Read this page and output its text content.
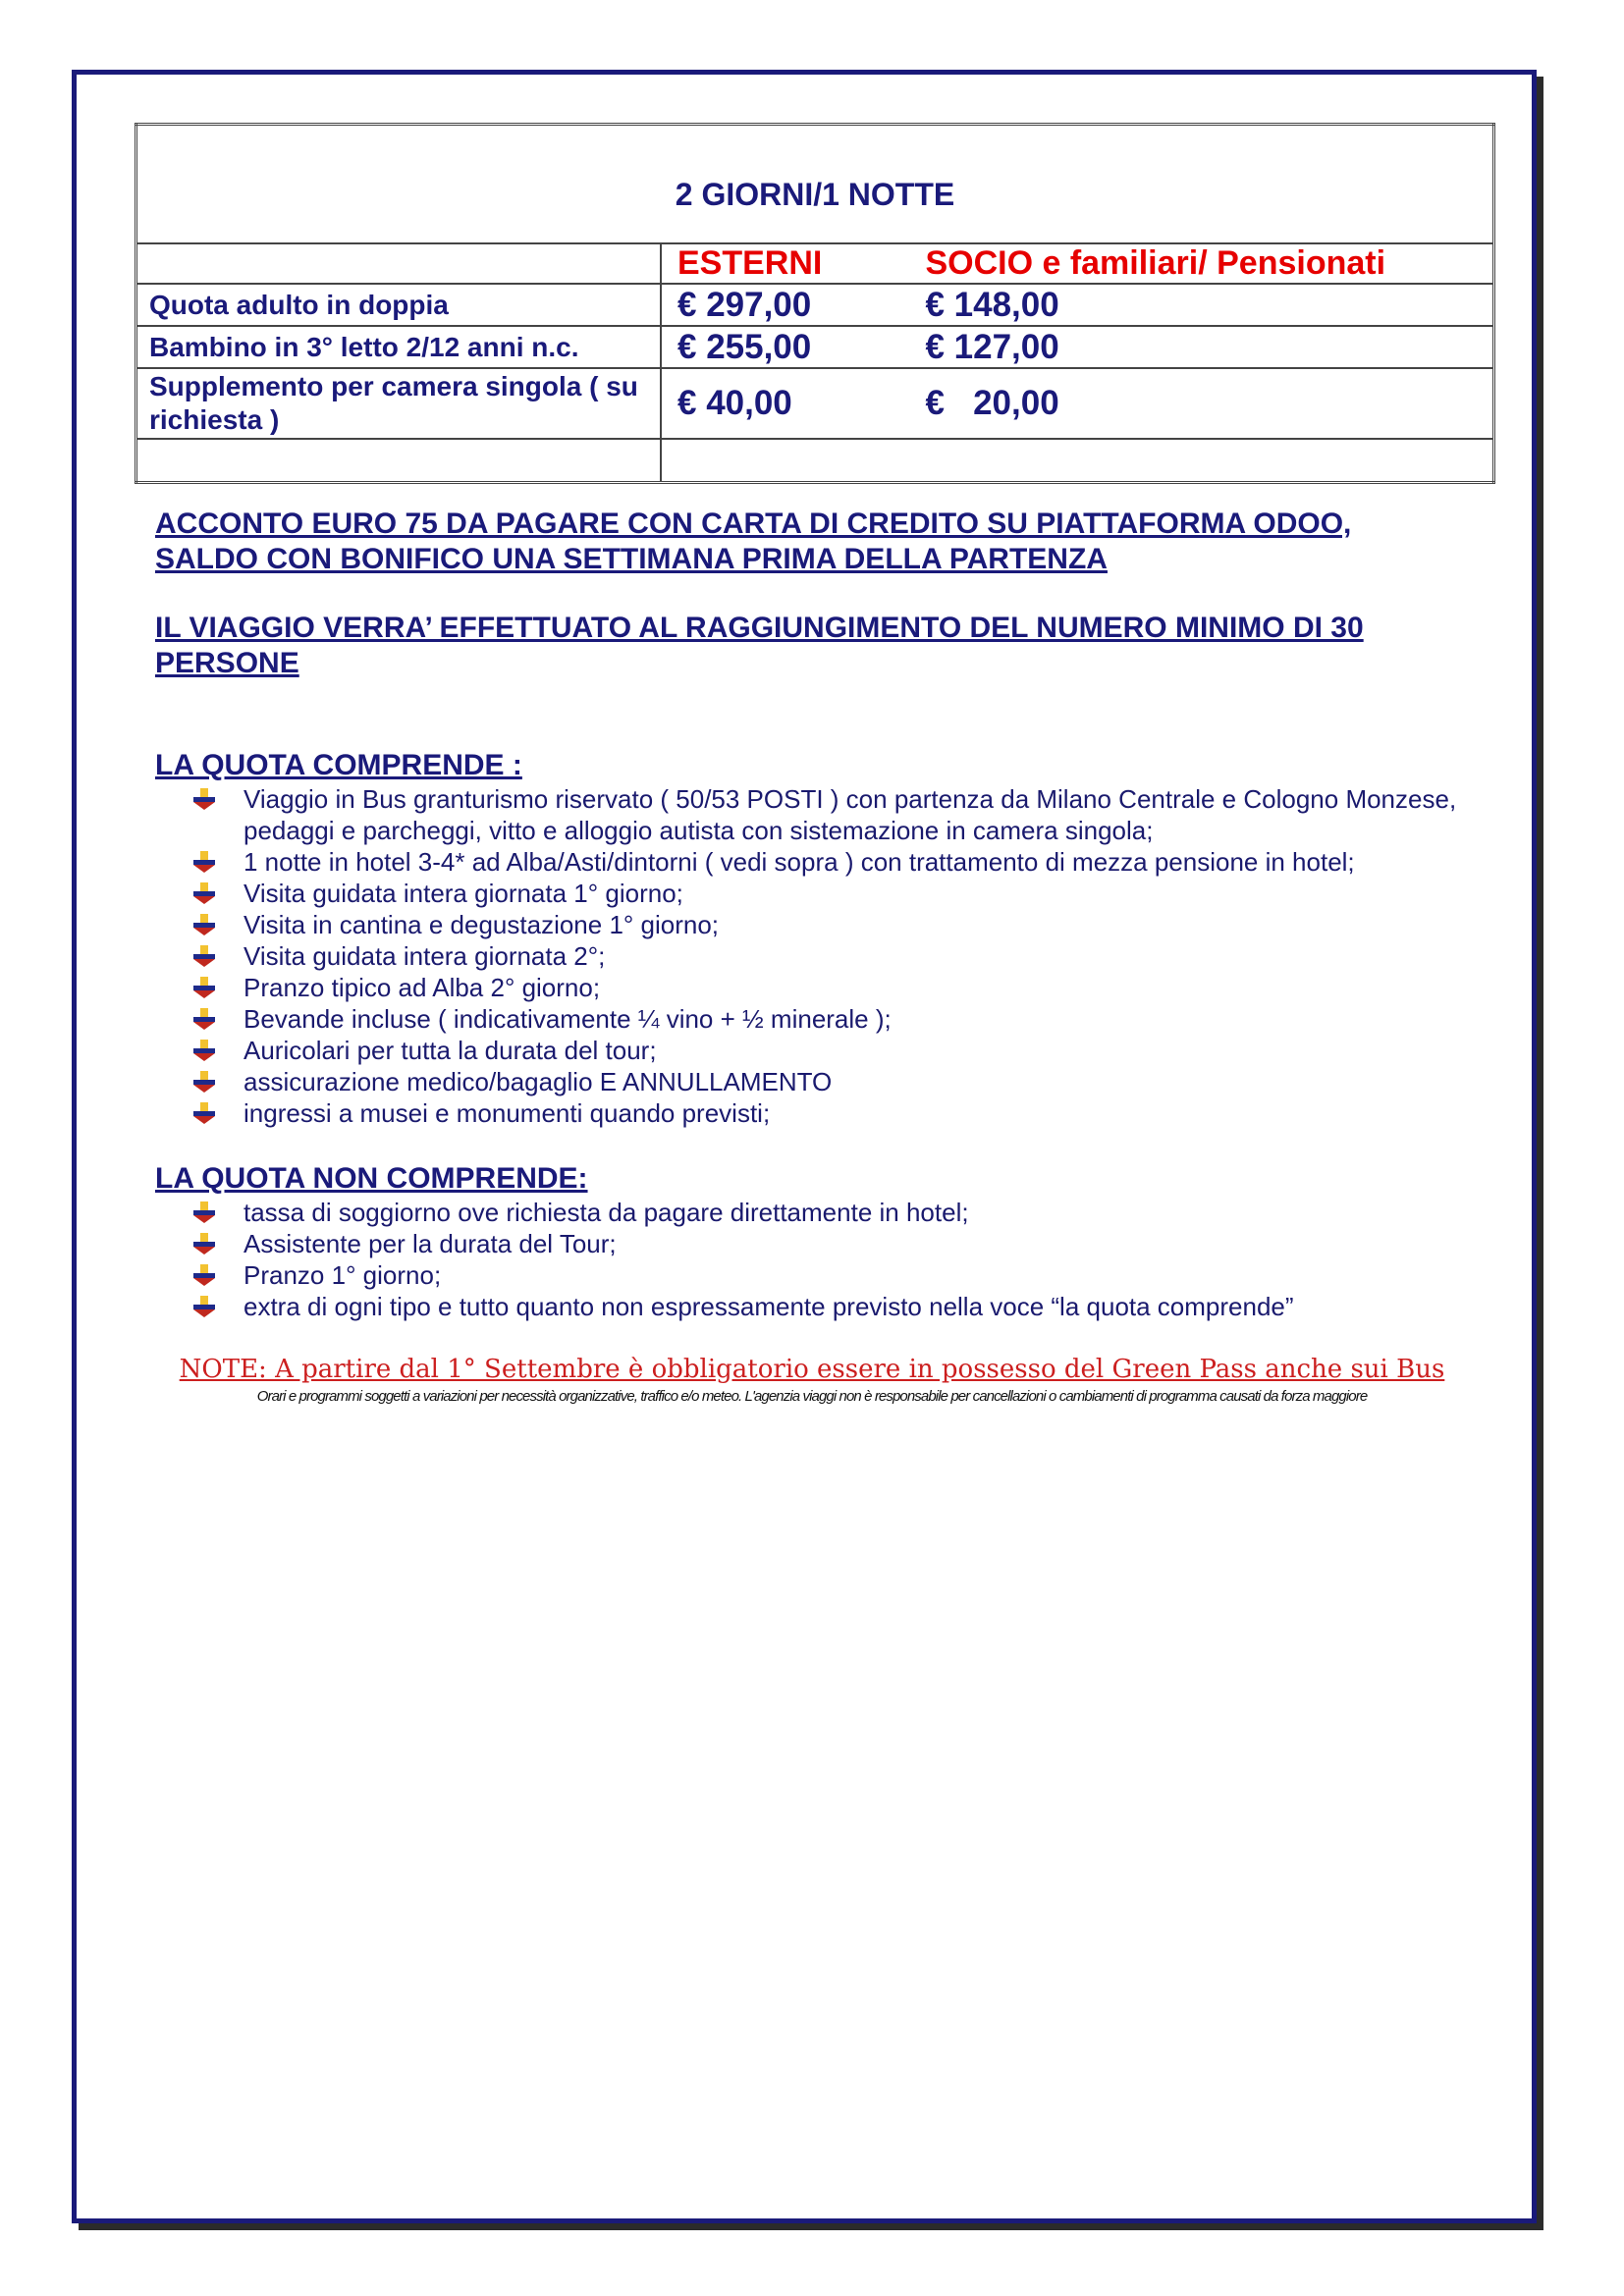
2 GIORNI/1 NOTTE	
	ESTERNI SOCIO e familiari/ Pensionati
Quota adulto in doppia	€ 297,00 € 148,00
Bambino in 3° letto 2/12 anni n.c.	€ 255,00 € 127,00
Supplemento per camera singola ( su richiesta )	€ 40,00 €   20,00

ACCONTO EURO 75 DA PAGARE CON CARTA DI CREDITO SU PIATTAFORMA ODOO, SALDO CON BONIFICO UNA SETTIMANA PRIMA DELLA PARTENZA

IL VIAGGIO VERRA’ EFFETTUATO AL RAGGIUNGIMENTO DEL NUMERO MINIMO DI 30 PERSONE

LA QUOTA COMPRENDE :
Viaggio in Bus granturismo riservato ( 50/53 POSTI ) con partenza da Milano Centrale e Cologno Monzese, pedaggi e parcheggi, vitto e alloggio autista con sistemazione in camera singola;
1 notte in hotel 3-4* ad Alba/Asti/dintorni ( vedi sopra ) con trattamento di mezza pensione in hotel;
Visita guidata intera giornata 1° giorno;
Visita in cantina e degustazione 1° giorno;
Visita guidata intera giornata 2°;
Pranzo tipico ad Alba 2° giorno;
Bevande incluse ( indicativamente ¼ vino + ½ minerale );
Auricolari per tutta la durata del tour;
assicurazione medico/bagaglio E ANNULLAMENTO
ingressi a musei e monumenti quando previsti;
LA QUOTA NON COMPRENDE:
tassa di soggiorno ove richiesta da pagare direttamente in hotel;
Assistente per la durata del Tour;
Pranzo 1° giorno;
extra di ogni tipo e tutto quanto non espressamente previsto nella voce “la quota comprende”
NOTE: A partire dal 1° Settembre è obbligatorio essere in possesso del Green Pass anche sui Bus
Orari e programmi soggetti a variazioni per necessità organizzative, traffico e/o meteo. L'agenzia viaggi non è responsabile per cancellazioni o cambiamenti di programma causati da forza maggiore
